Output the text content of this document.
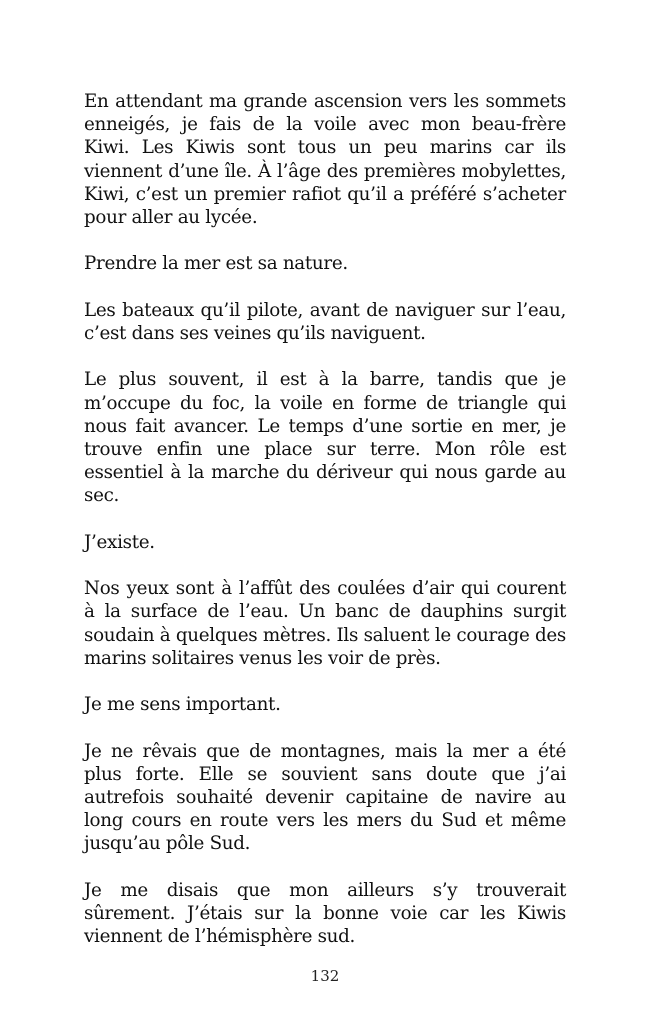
En attendant ma grande ascension vers les sommets enneigés, je fais de la voile avec mon beau-frère Kiwi. Les Kiwis sont tous un peu marins car ils viennent d’une île. À l’âge des premières mobylettes, Kiwi, c’est un premier rafiot qu’il a préféré s’acheter pour aller au lycée.

Prendre la mer est sa nature.

Les bateaux qu’il pilote, avant de naviguer sur l’eau, c’est dans ses veines qu’ils naviguent.

Le plus souvent, il est à la barre, tandis que je m’occupe du foc, la voile en forme de triangle qui nous fait avancer. Le temps d’une sortie en mer, je trouve enfin une place sur terre. Mon rôle est essentiel à la marche du dériveur qui nous garde au sec.

J’existe.

Nos yeux sont à l’affût des coulées d’air qui courent à la surface de l’eau. Un banc de dauphins surgit soudain à quelques mètres. Ils saluent le courage des marins solitaires venus les voir de près.

Je me sens important.

Je ne rêvais que de montagnes, mais la mer a été plus forte. Elle se souvient sans doute que j’ai autrefois souhaité devenir capitaine de navire au long cours en route vers les mers du Sud et même jusqu’au pôle Sud.

Je me disais que mon ailleurs s’y trouverait sûrement. J’étais sur la bonne voie car les Kiwis viennent de l’hémisphère sud.

132
